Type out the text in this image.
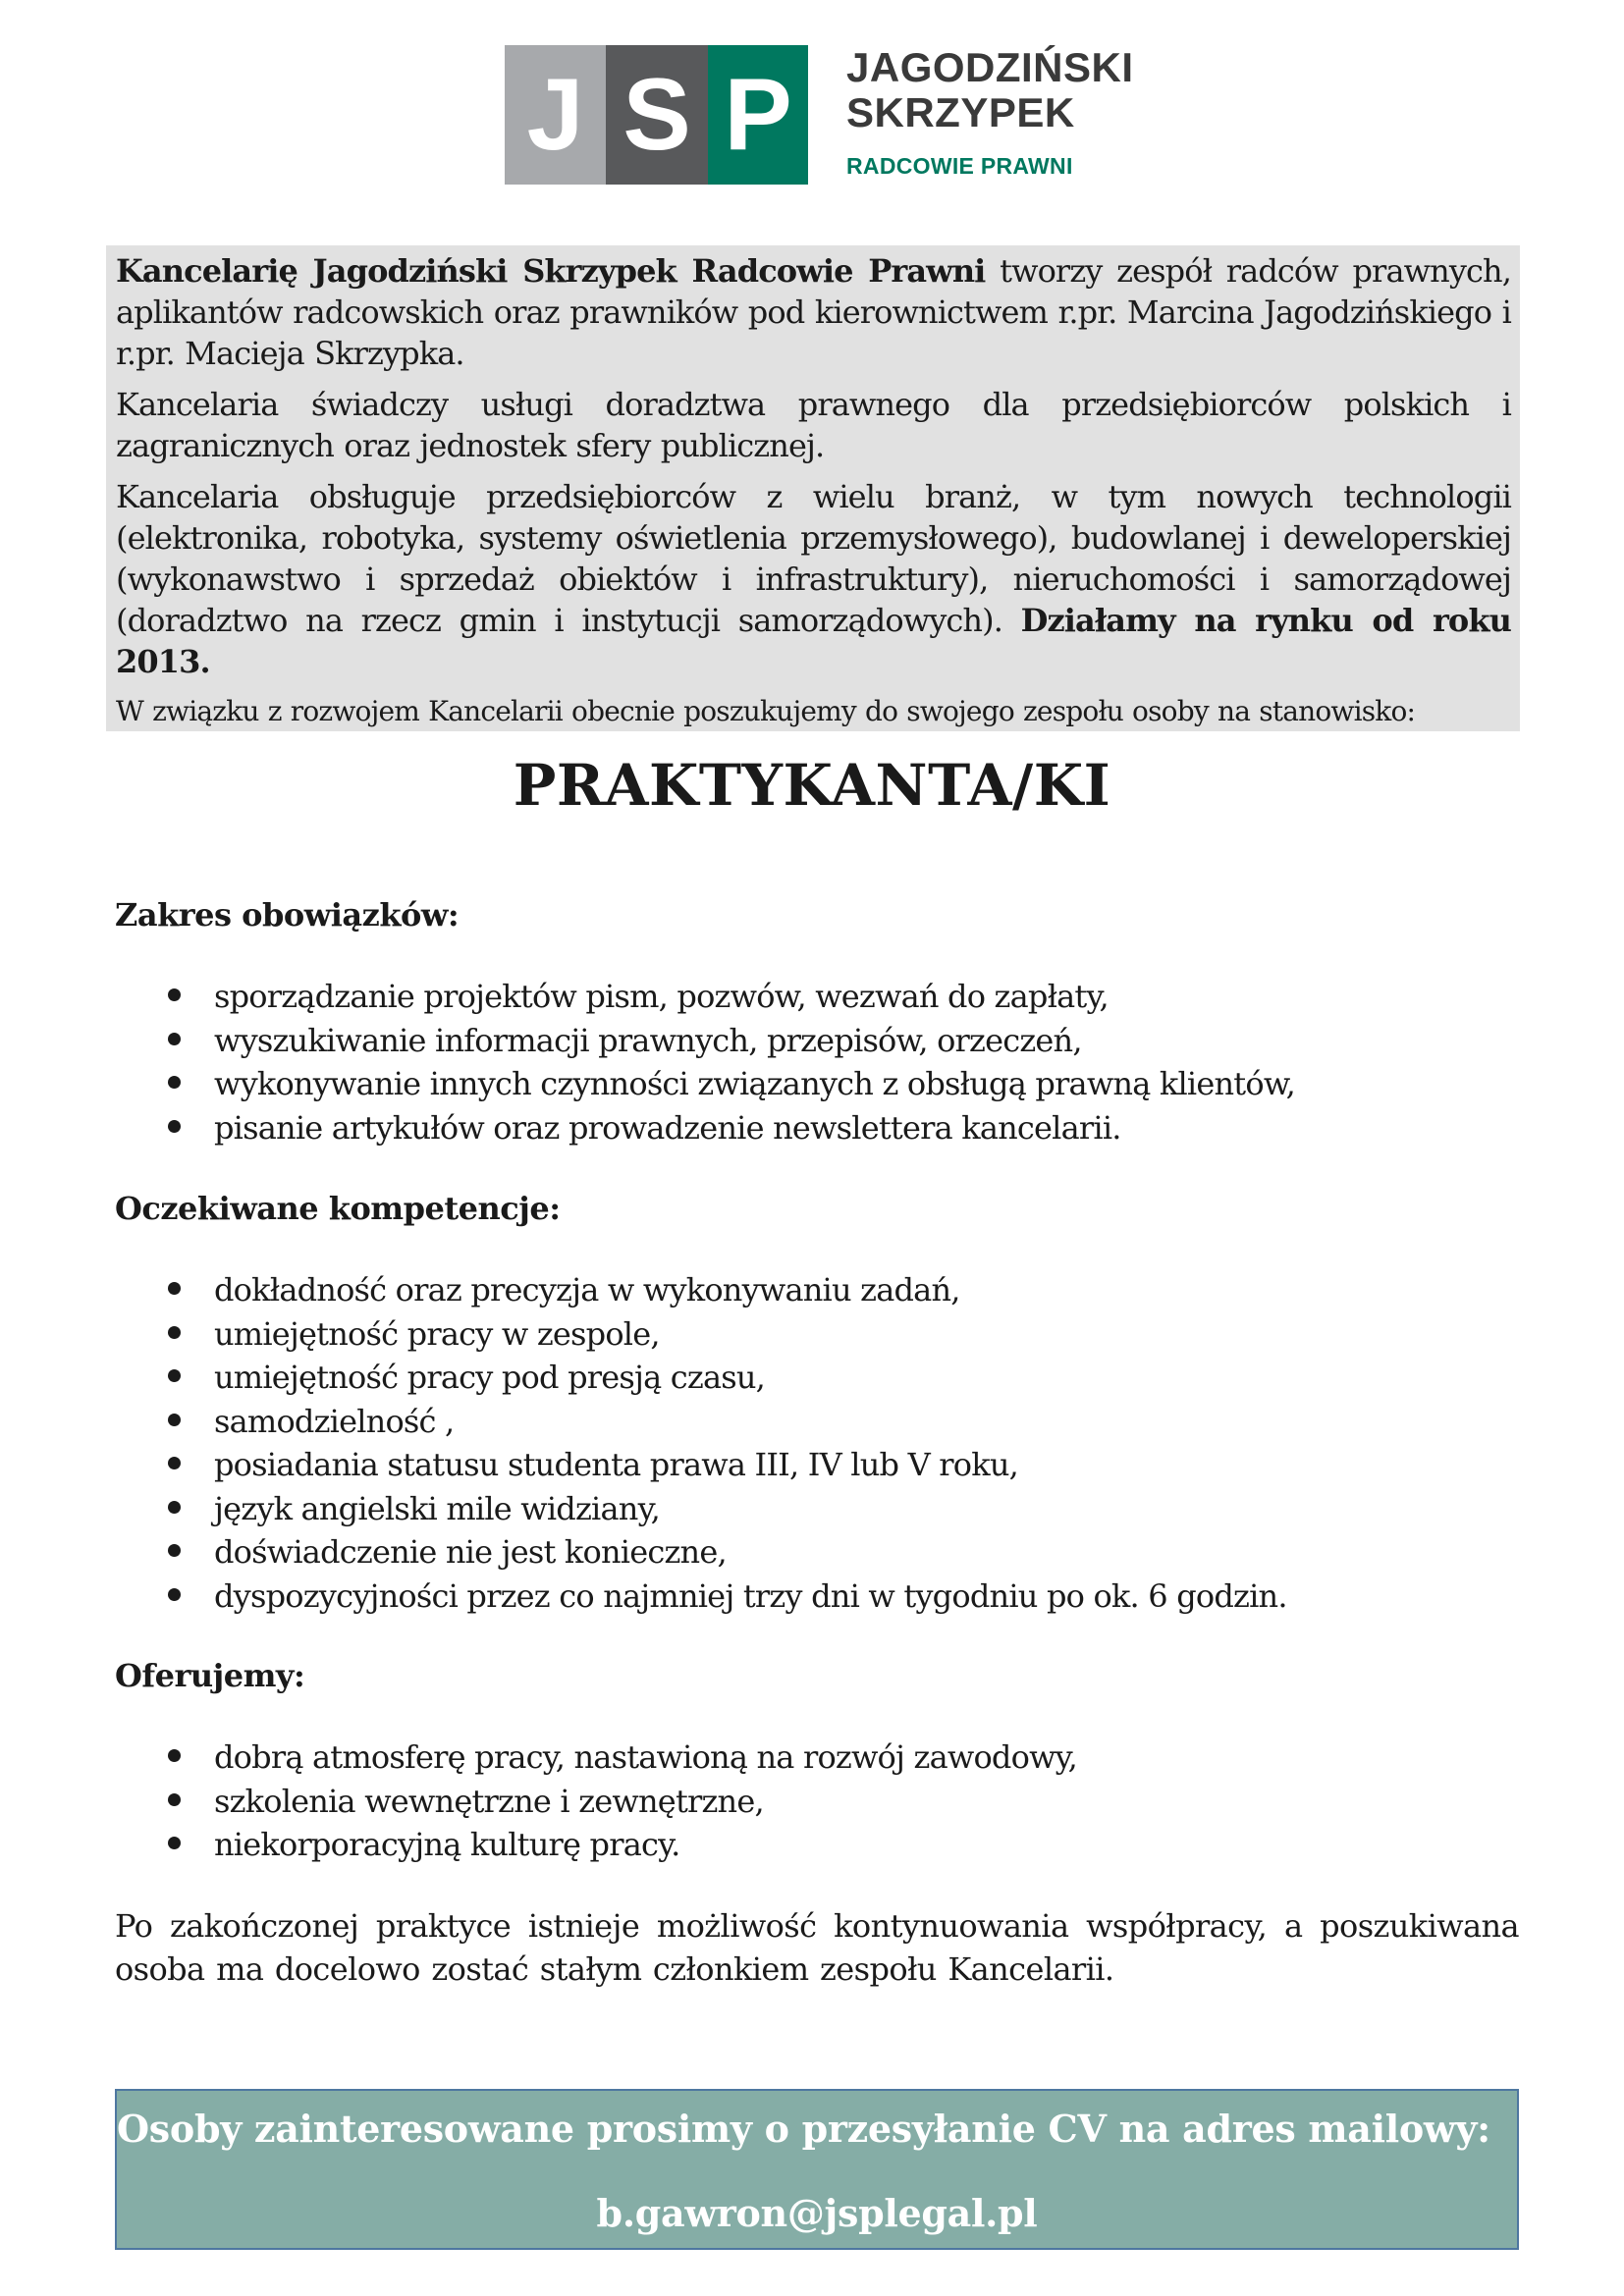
J S P	JAGODZIŃSKI
SKRZYPEK
RADCOWIE PRAWNI

Kancelarię Jagodziński Skrzypek Radcowie Prawni tworzy zespół radców prawnych, aplikantów radcowskich oraz prawników pod kierownictwem r.pr. Marcina Jagodzińskiego i r.pr. Macieja Skrzypka.

Kancelaria świadczy usługi doradztwa prawnego dla przedsiębiorców polskich i zagranicznych oraz jednostek sfery publicznej.

Kancelaria obsługuje przedsiębiorców z wielu branż, w tym nowych technologii (elektronika, robotyka, systemy oświetlenia przemysłowego), budowlanej i deweloperskiej (wykonawstwo i sprzedaż obiektów i infrastruktury), nieruchomości i samorządowej (doradztwo na rzecz gmin i instytucji samorządowych). Działamy na rynku od roku 2013.

W związku z rozwojem Kancelarii obecnie poszukujemy do swojego zespołu osoby na stanowisko:

PRAKTYKANTA/KI
Zakres obowiązków:
sporządzanie projektów pism, pozwów, wezwań do zapłaty,
wyszukiwanie informacji prawnych, przepisów, orzeczeń,
wykonywanie innych czynności związanych z obsługą prawną klientów,
pisanie artykułów oraz prowadzenie newslettera kancelarii.
Oczekiwane kompetencje:
dokładność oraz precyzja w wykonywaniu zadań,
umiejętność pracy w zespole,
umiejętność pracy pod presją czasu,
samodzielność ,
posiadania statusu studenta prawa III, IV lub V roku,
język angielski mile widziany,
doświadczenie nie jest konieczne,
dyspozycyjności przez co najmniej trzy dni w tygodniu po ok. 6 godzin.
Oferujemy:
dobrą atmosferę pracy, nastawioną na rozwój zawodowy,
szkolenia wewnętrzne i zewnętrzne,
niekorporacyjną kulturę pracy.

Po zakończonej praktyce istnieje możliwość kontynuowania współpracy, a poszukiwana osoba ma docelowo zostać stałym członkiem zespołu Kancelarii.

Osoby zainteresowane prosimy o przesyłanie CV na adres mailowy:
b.gawron@jsplegal.pl
